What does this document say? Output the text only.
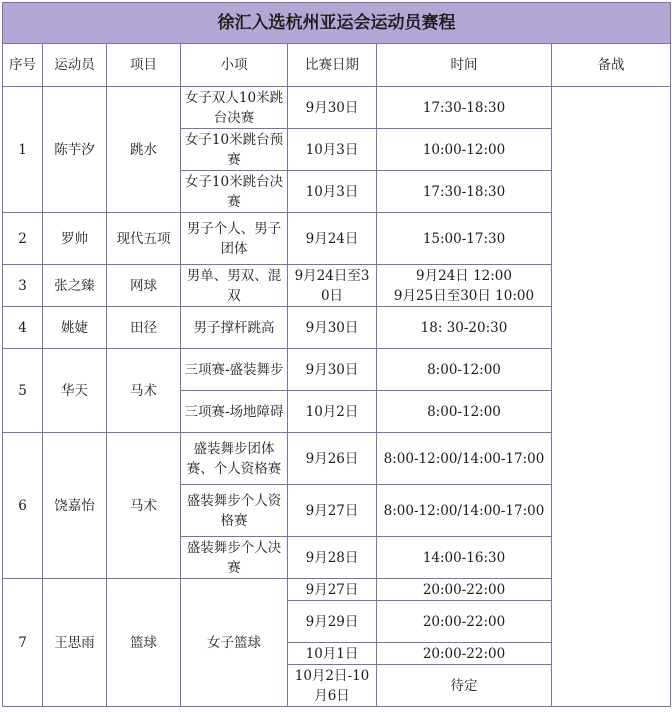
徐汇入选杭州亚运会运动员赛程						
序号	运动员	项目	小项	比赛日期	时间	备战
1	陈芋汐	跳水	女子双人10米跳台决赛	9月30日	17:30-18:30	
			女子10米跳台预赛	10月3日	10:00-12:00	
			女子10米跳台决赛	10月3日	17:30-18:30	
2	罗帅	现代五项	男子个人、男子团体	9月24日	15:00-17:30	
3	张之臻	网球	男单、男双、混双	9月24日至30日	9月24日 12:00
9月25日至30日 10:00	
4	姚婕	田径	男子撑杆跳高	9月30日	18: 30-20:30	
5	华天	马术	三项赛-盛装舞步	9月30日	8:00-12:00	
			三项赛-场地障碍	10月2日	8:00-12:00	
6	饶嘉怡	马术	盛装舞步团体赛、个人资格赛	9月26日	8:00-12:00/14:00-17:00	
			盛装舞步个人资格赛	9月27日	8:00-12:00/14:00-17:00	
			盛装舞步个人决赛	9月28日	14:00-16:30	
7	王思雨	篮球	女子篮球	9月27日	20:00-22:00	
				9月29日	20:00-22:00	
				10月1日	20:00-22:00	
				10月2日-10月6日	待定	
